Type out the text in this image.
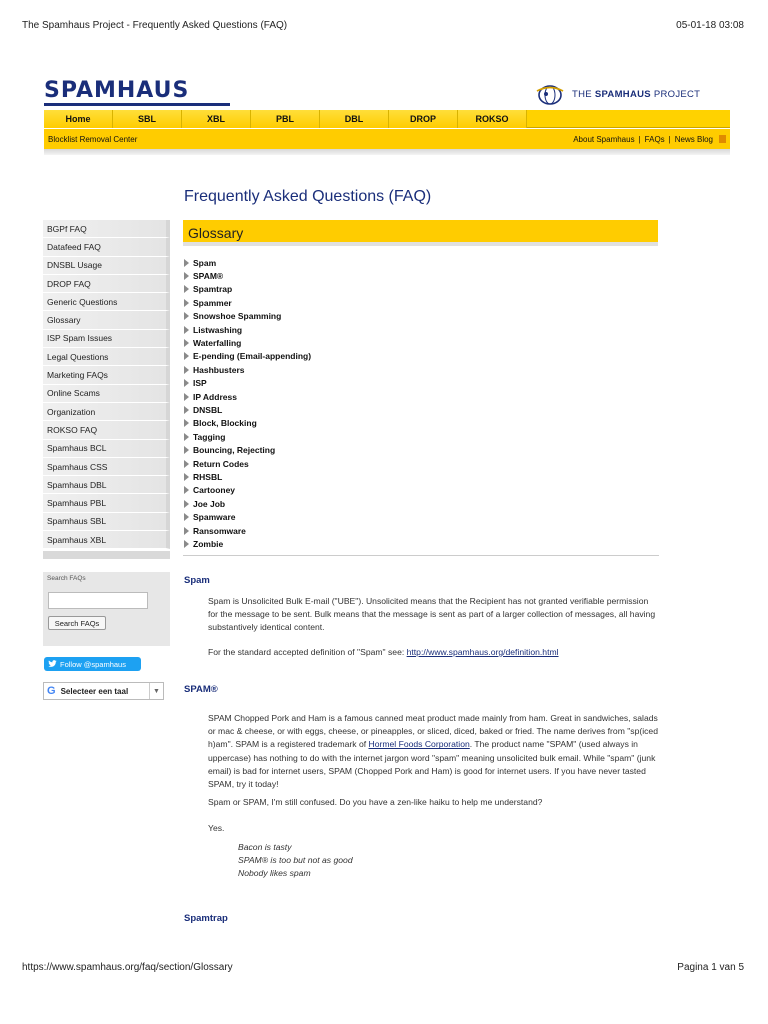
The Spamhaus Project - Frequently Asked Questions (FAQ)	05-01-18 03:08
SPAMHAUS	THE SPAMHAUS PROJECT
Home	SBL	XBL	PBL	DBL	DROP	ROKSO
Blocklist Removal Center	About Spamhaus | FAQs | News Blog
Frequently Asked Questions (FAQ)
BGPf FAQ
Datafeed FAQ
DNSBL Usage
DROP FAQ
Generic Questions
Glossary
ISP Spam Issues
Legal Questions
Marketing FAQs
Online Scams
Organization
ROKSO FAQ
Spamhaus BCL
Spamhaus CSS
Spamhaus DBL
Spamhaus PBL
Spamhaus SBL
Spamhaus XBL
Search FAQs
Search FAQs
Follow @spamhaus
G Selecteer een taal	▼
Glossary
Spam
SPAM®
Spamtrap
Spammer
Snowshoe Spamming
Listwashing
Waterfalling
E-pending (Email-appending)
Hashbusters
ISP
IP Address
DNSBL
Block, Blocking
Tagging
Bouncing, Rejecting
Return Codes
RHSBL
Cartooney
Joe Job
Spamware
Ransomware
Zombie
Spam

Spam is Unsolicited Bulk E-mail ("UBE"). Unsolicited means that the Recipient has not granted verifiable permission for the message to be sent. Bulk means that the message is sent as part of a larger collection of messages, all having substantively identical content.

For the standard accepted definition of "Spam" see: http://www.spamhaus.org/definition.html

SPAM®

SPAM Chopped Pork and Ham is a famous canned meat product made mainly from ham. Great in sandwiches, salads or mac & cheese, or with eggs, cheese, or pineapples, or sliced, diced, baked or fried. The name derives from "sp(iced h)am". SPAM is a registered trademark of Hormel Foods Corporation. The product name "SPAM" (used always in uppercase) has nothing to do with the internet jargon word "spam" meaning unsolicited bulk email. While "spam" (junk email) is bad for internet users, SPAM (Chopped Pork and Ham) is good for internet users. If you have never tasted SPAM, try it today!

Spam or SPAM, I'm still confused. Do you have a zen-like haiku to help me understand?

Yes.

Bacon is tasty
SPAM® is too but not as good
Nobody likes spam
Spamtrap
https://www.spamhaus.org/faq/section/Glossary	Pagina 1 van 5
